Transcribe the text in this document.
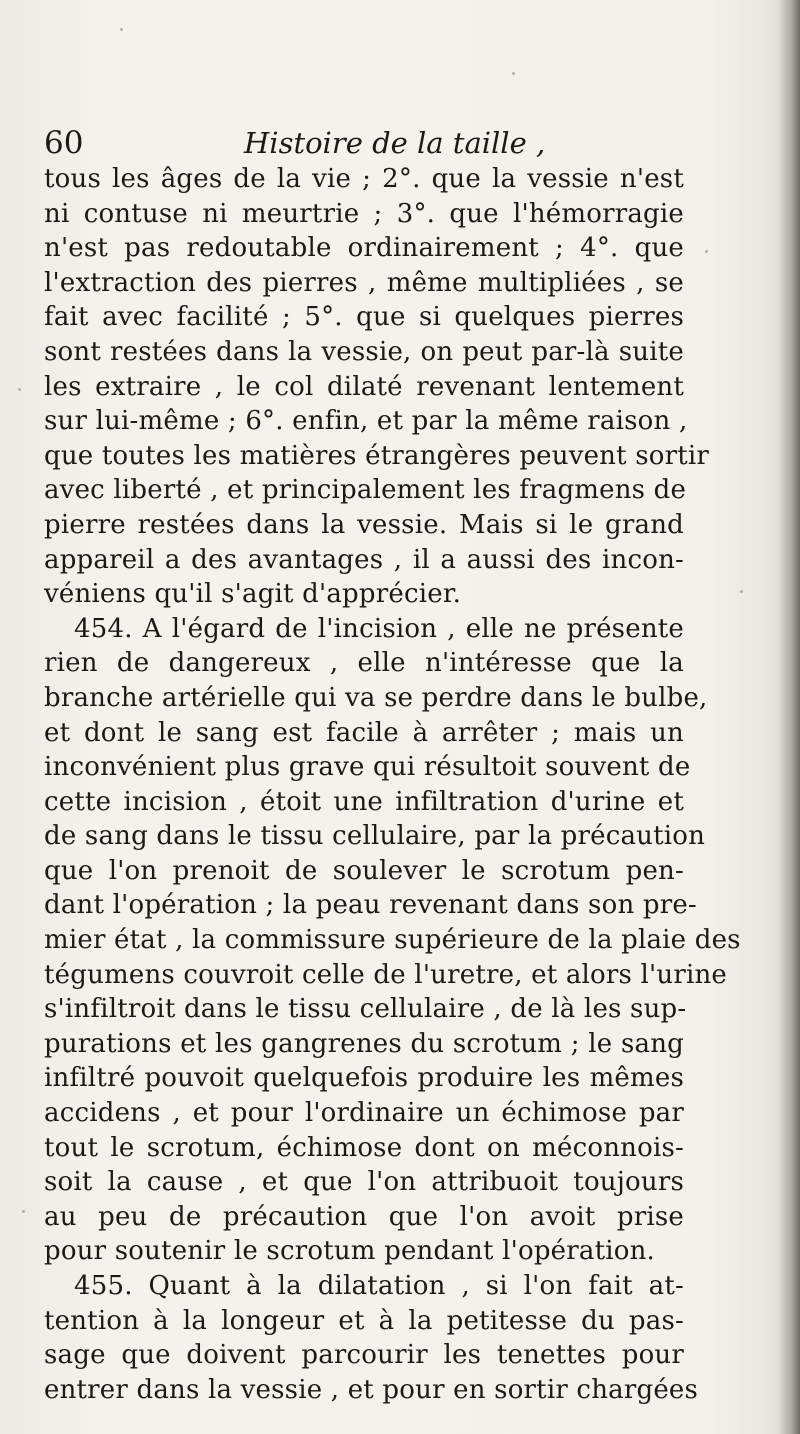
60	Histoire de la taille ,
tous les âges de la vie ; 2°. que la vessie n'est
ni contuse ni meurtrie ; 3°. que l'hémorragie
n'est pas redoutable ordinairement ; 4°. que
l'extraction des pierres , même multipliées , se
fait avec facilité ; 5°. que si quelques pierres
sont restées dans la vessie, on peut par-là suite
les extraire , le col dilaté revenant lentement
sur lui-même ; 6°. enfin, et par la même raison ,
que toutes les matières étrangères peuvent sortir
avec liberté , et principalement les fragmens de
pierre restées dans la vessie. Mais si le grand
appareil a des avantages , il a aussi des incon-
véniens qu'il s'agit d'apprécier.
454. A l'égard de l'incision , elle ne présente
rien de dangereux , elle n'intéresse que la
branche artérielle qui va se perdre dans le bulbe,
et dont le sang est facile à arrêter ; mais un
inconvénient plus grave qui résultoit souvent de
cette incision , étoit une infiltration d'urine et
de sang dans le tissu cellulaire, par la précaution
que l'on prenoit de soulever le scrotum pen-
dant l'opération ; la peau revenant dans son pre-
mier état , la commissure supérieure de la plaie des
tégumens couvroit celle de l'uretre, et alors l'urine
s'infiltroit dans le tissu cellulaire , de là les sup-
purations et les gangrenes du scrotum ; le sang
infiltré pouvoit quelquefois produire les mêmes
accidens , et pour l'ordinaire un échimose par
tout le scrotum, échimose dont on méconnois-
soit la cause , et que l'on attribuoit toujours
au peu de précaution que l'on avoit prise
pour soutenir le scrotum pendant l'opération.
455. Quant à la dilatation , si l'on fait at-
tention à la longeur et à la petitesse du pas-
sage que doivent parcourir les tenettes pour
entrer dans la vessie , et pour en sortir chargées
